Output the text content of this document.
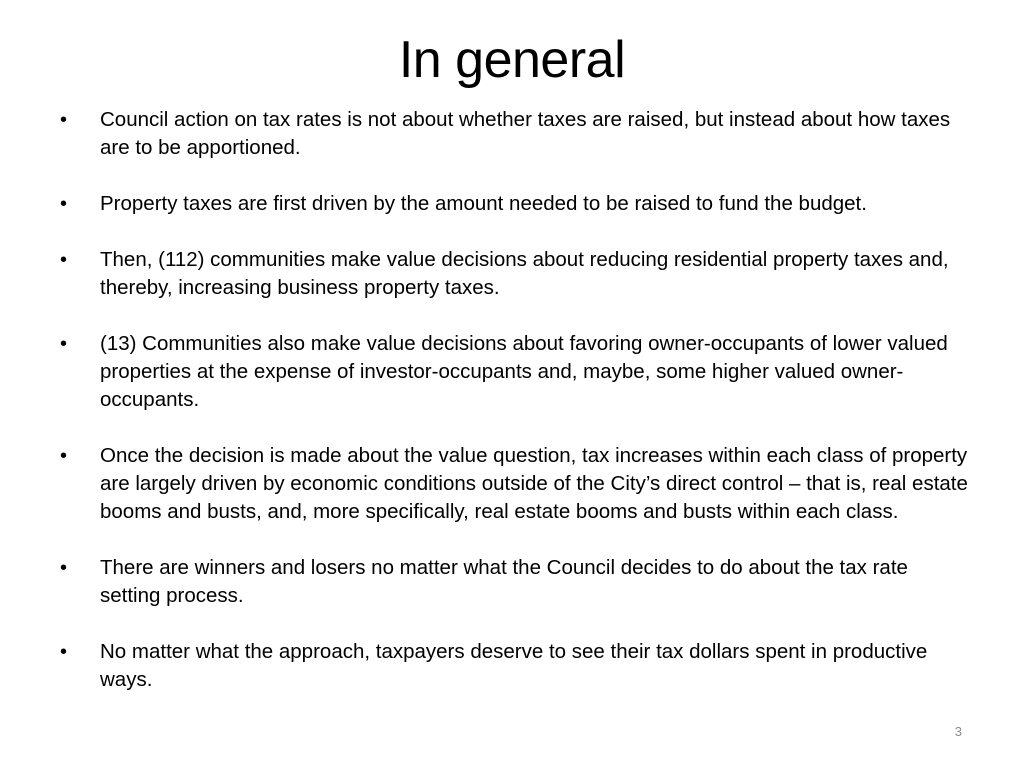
In general
•	Council action on tax rates is not about whether taxes are raised, but instead about how taxes are to be apportioned.
•	Property taxes are first driven by the amount needed to be raised to fund the budget.
•	Then, (112) communities make value decisions about reducing residential property taxes and, thereby, increasing business property taxes.
•	(13) Communities also make value decisions about favoring owner-occupants of lower valued properties at the expense of investor-occupants and, maybe, some higher valued owner-occupants.
•	Once the decision is made about the value question, tax increases within each class of property are largely driven by economic conditions outside of the City’s direct control – that is, real estate booms and busts, and, more specifically, real estate booms and busts within each class.
•	There are winners and losers no matter what the Council decides to do about the tax rate setting process.
•	No matter what the approach, taxpayers deserve to see their tax dollars spent in productive ways.
3
